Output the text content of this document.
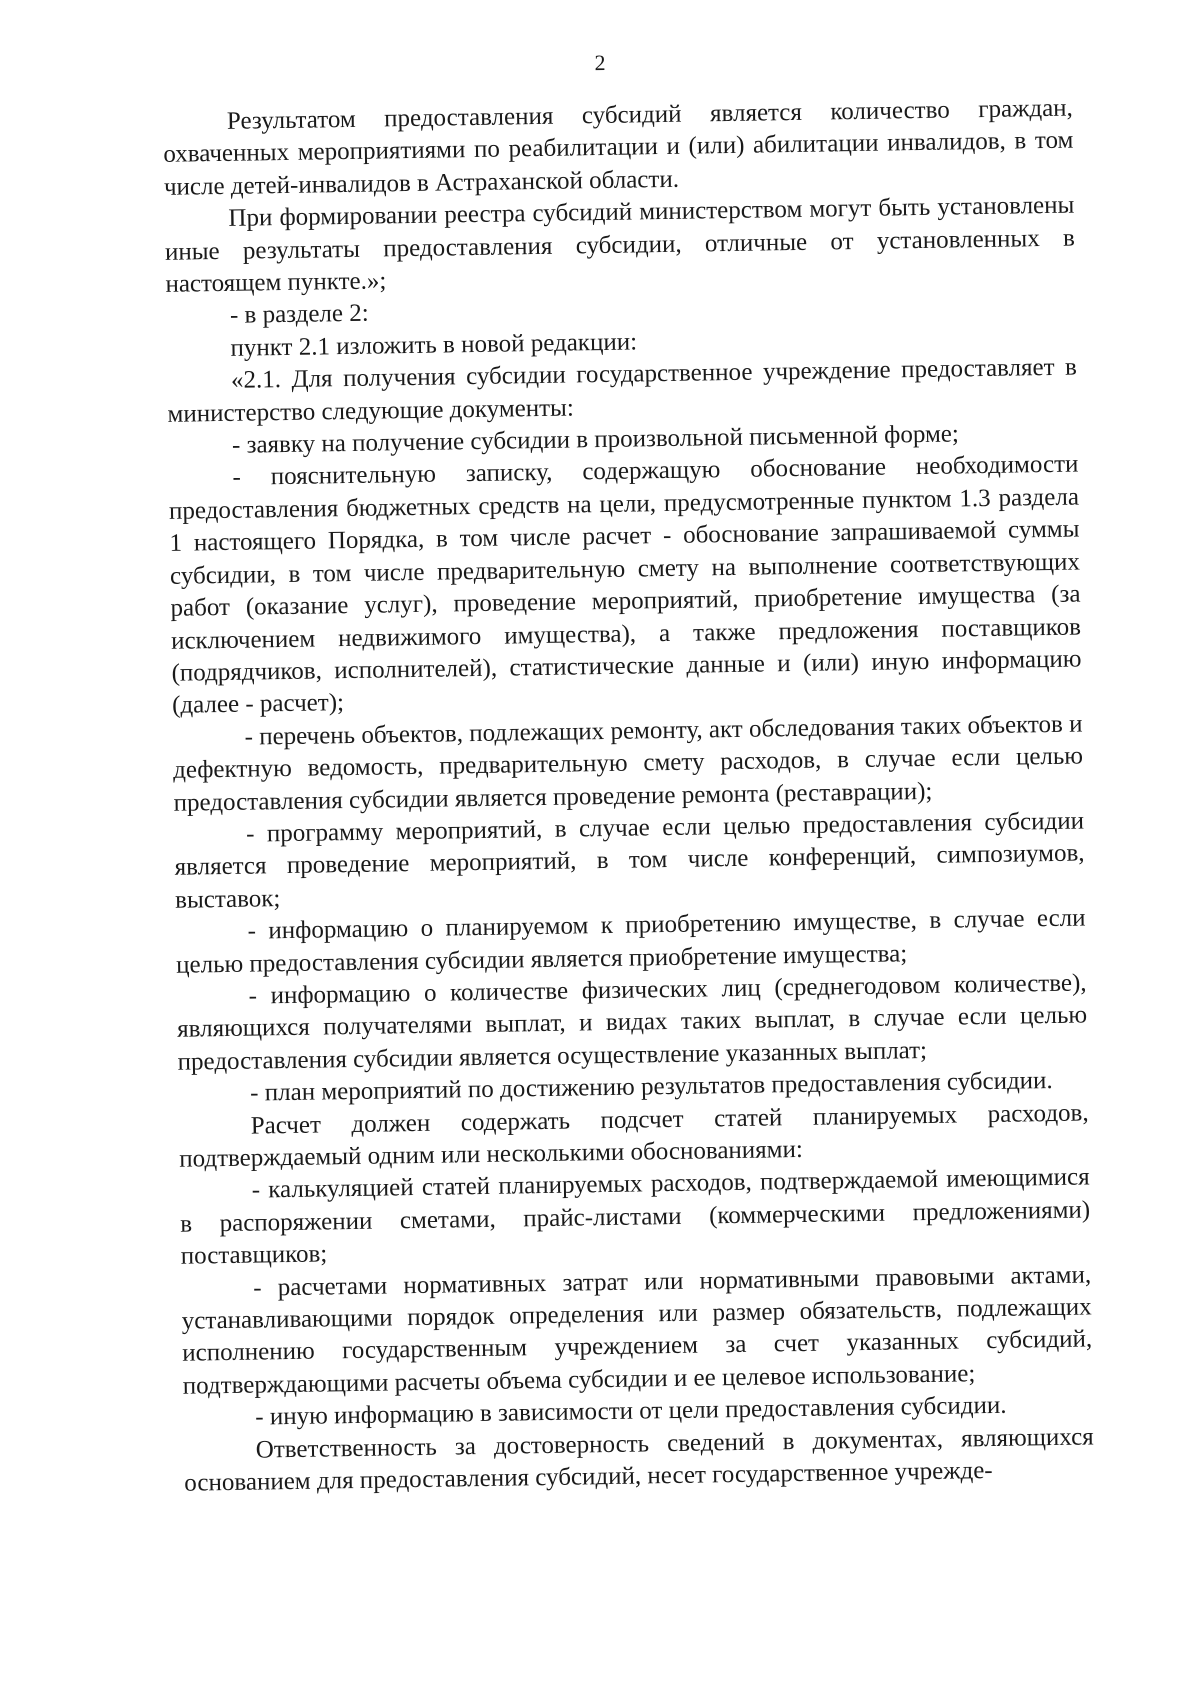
2

Результатом предоставления субсидий является количество граждан, охваченных мероприятиями по реабилитации и (или) абилитации инвалидов, в том числе детей-инвалидов в Астраханской области.

При формировании реестра субсидий министерством могут быть установлены иные результаты предоставления субсидии, отличные от установленных в настоящем пункте.»;

- в разделе 2:

пункт 2.1 изложить в новой редакции:

«2.1. Для получения субсидии государственное учреждение предоставляет в министерство следующие документы:

- заявку на получение субсидии в произвольной письменной форме;

- пояснительную записку, содержащую обоснование необходимости предоставления бюджетных средств на цели, предусмотренные пунктом 1.3 раздела 1 настоящего Порядка, в том числе расчет - обоснование запрашиваемой суммы субсидии, в том числе предварительную смету на выполнение соответствующих работ (оказание услуг), проведение мероприятий, приобретение имущества (за исключением недвижимого имущества), а также предложения поставщиков (подрядчиков, исполнителей), статистические данные и (или) иную информацию (далее - расчет);

- перечень объектов, подлежащих ремонту, акт обследования таких объектов и дефектную ведомость, предварительную смету расходов, в случае если целью предоставления субсидии является проведение ремонта (реставрации);

- программу мероприятий, в случае если целью предоставления субсидии является проведение мероприятий, в том числе конференций, симпозиумов, выставок;

- информацию о планируемом к приобретению имуществе, в случае если целью предоставления субсидии является приобретение имущества;

- информацию о количестве физических лиц (среднегодовом количестве), являющихся получателями выплат, и видах таких выплат, в случае если целью предоставления субсидии является осуществление указанных выплат;

- план мероприятий по достижению результатов предоставления субсидии.

Расчет должен содержать подсчет статей планируемых расходов, подтверждаемый одним или несколькими обоснованиями:

- калькуляцией статей планируемых расходов, подтверждаемой имеющимися в распоряжении сметами, прайс-листами (коммерческими предложениями) поставщиков;

- расчетами нормативных затрат или нормативными правовыми актами, устанавливающими порядок определения или размер обязательств, подлежащих исполнению государственным учреждением за счет указанных субсидий, подтверждающими расчеты объема субсидии и ее целевое использование;

- иную информацию в зависимости от цели предоставления субсидии.

Ответственность за достоверность сведений в документах, являющихся основанием для предоставления субсидий, несет государственное учрежде-
